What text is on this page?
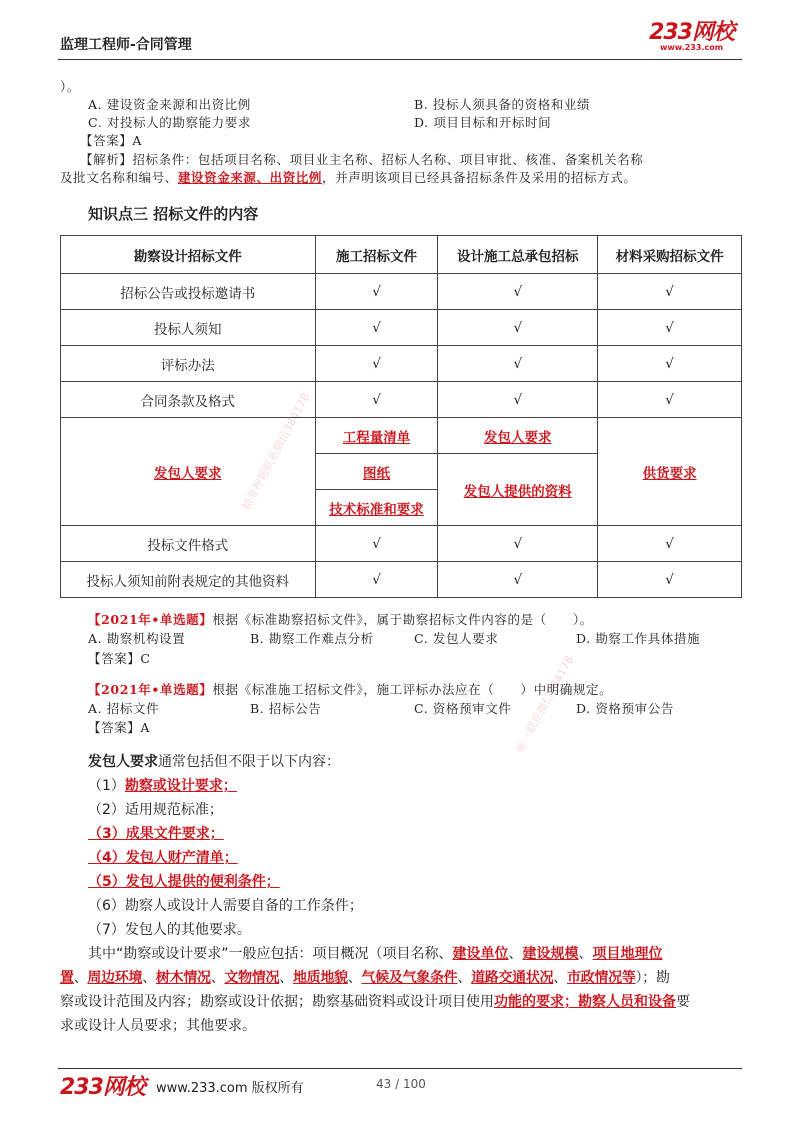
监理工程师-合同管理	233网校
www.233.com
）。
A. 建设资金来源和出资比例	B. 投标人须具备的资格和业绩
C. 对投标人的勘察能力要求	D. 项目目标和开标时间
【答案】A
【解析】招标条件：包括项目名称、项目业主名称、招标人名称、项目审批、核准、备案机关名称
及批文名称和编号、建设资金来源、出资比例，并声明该项目已经具备招标条件及采用的招标方式。
知识点三 招标文件的内容
勘察设计招标文件	施工招标文件	设计施工总承包招标	材料采购招标文件
招标公告或投标邀请书	√	√	√
投标人须知	√	√	√
评标办法	√	√	√
合同条款及格式	√	√	√
发包人要求	工程量清单	发包人要求	供货要求
	图纸	发包人提供的资料	
	技术标准和要求		
投标文件格式	√	√	√
投标人须知前附表规定的其他资料	√	√	√
精准押题联系微信384178
唯一联系微信384178
【2021年•单选题】根据《标准勘察招标文件》，属于勘察招标文件内容的是（　　）。
A. 勘察机构设置	B. 勘察工作难点分析	C. 发包人要求	D. 勘察工作具体措施
【答案】C
【2021年•单选题】根据《标准施工招标文件》，施工评标办法应在（　　）中明确规定。
A. 招标文件	B. 招标公告	C. 资格预审文件	D. 资格预审公告
【答案】A
发包人要求通常包括但不限于以下内容：
（1）勘察或设计要求；
（2）适用规范标准；
（3）成果文件要求；
（4）发包人财产清单；
（5）发包人提供的便利条件；
（6）勘察人或设计人需要自备的工作条件；
（7）发包人的其他要求。
其中“勘察或设计要求”一般应包括：项目概况（项目名称、建设单位、建设规模、项目地理位
置、周边环境、树木情况、文物情况、地质地貌、气候及气象条件、道路交通状况、市政情况等）；勘
察或设计范围及内容；勘察或设计依据；勘察基础资料或设计项目使用功能的要求；勘察人员和设备要
求或设计人员要求；其他要求。
233网校 www.233.com 版权所有	43 / 100
